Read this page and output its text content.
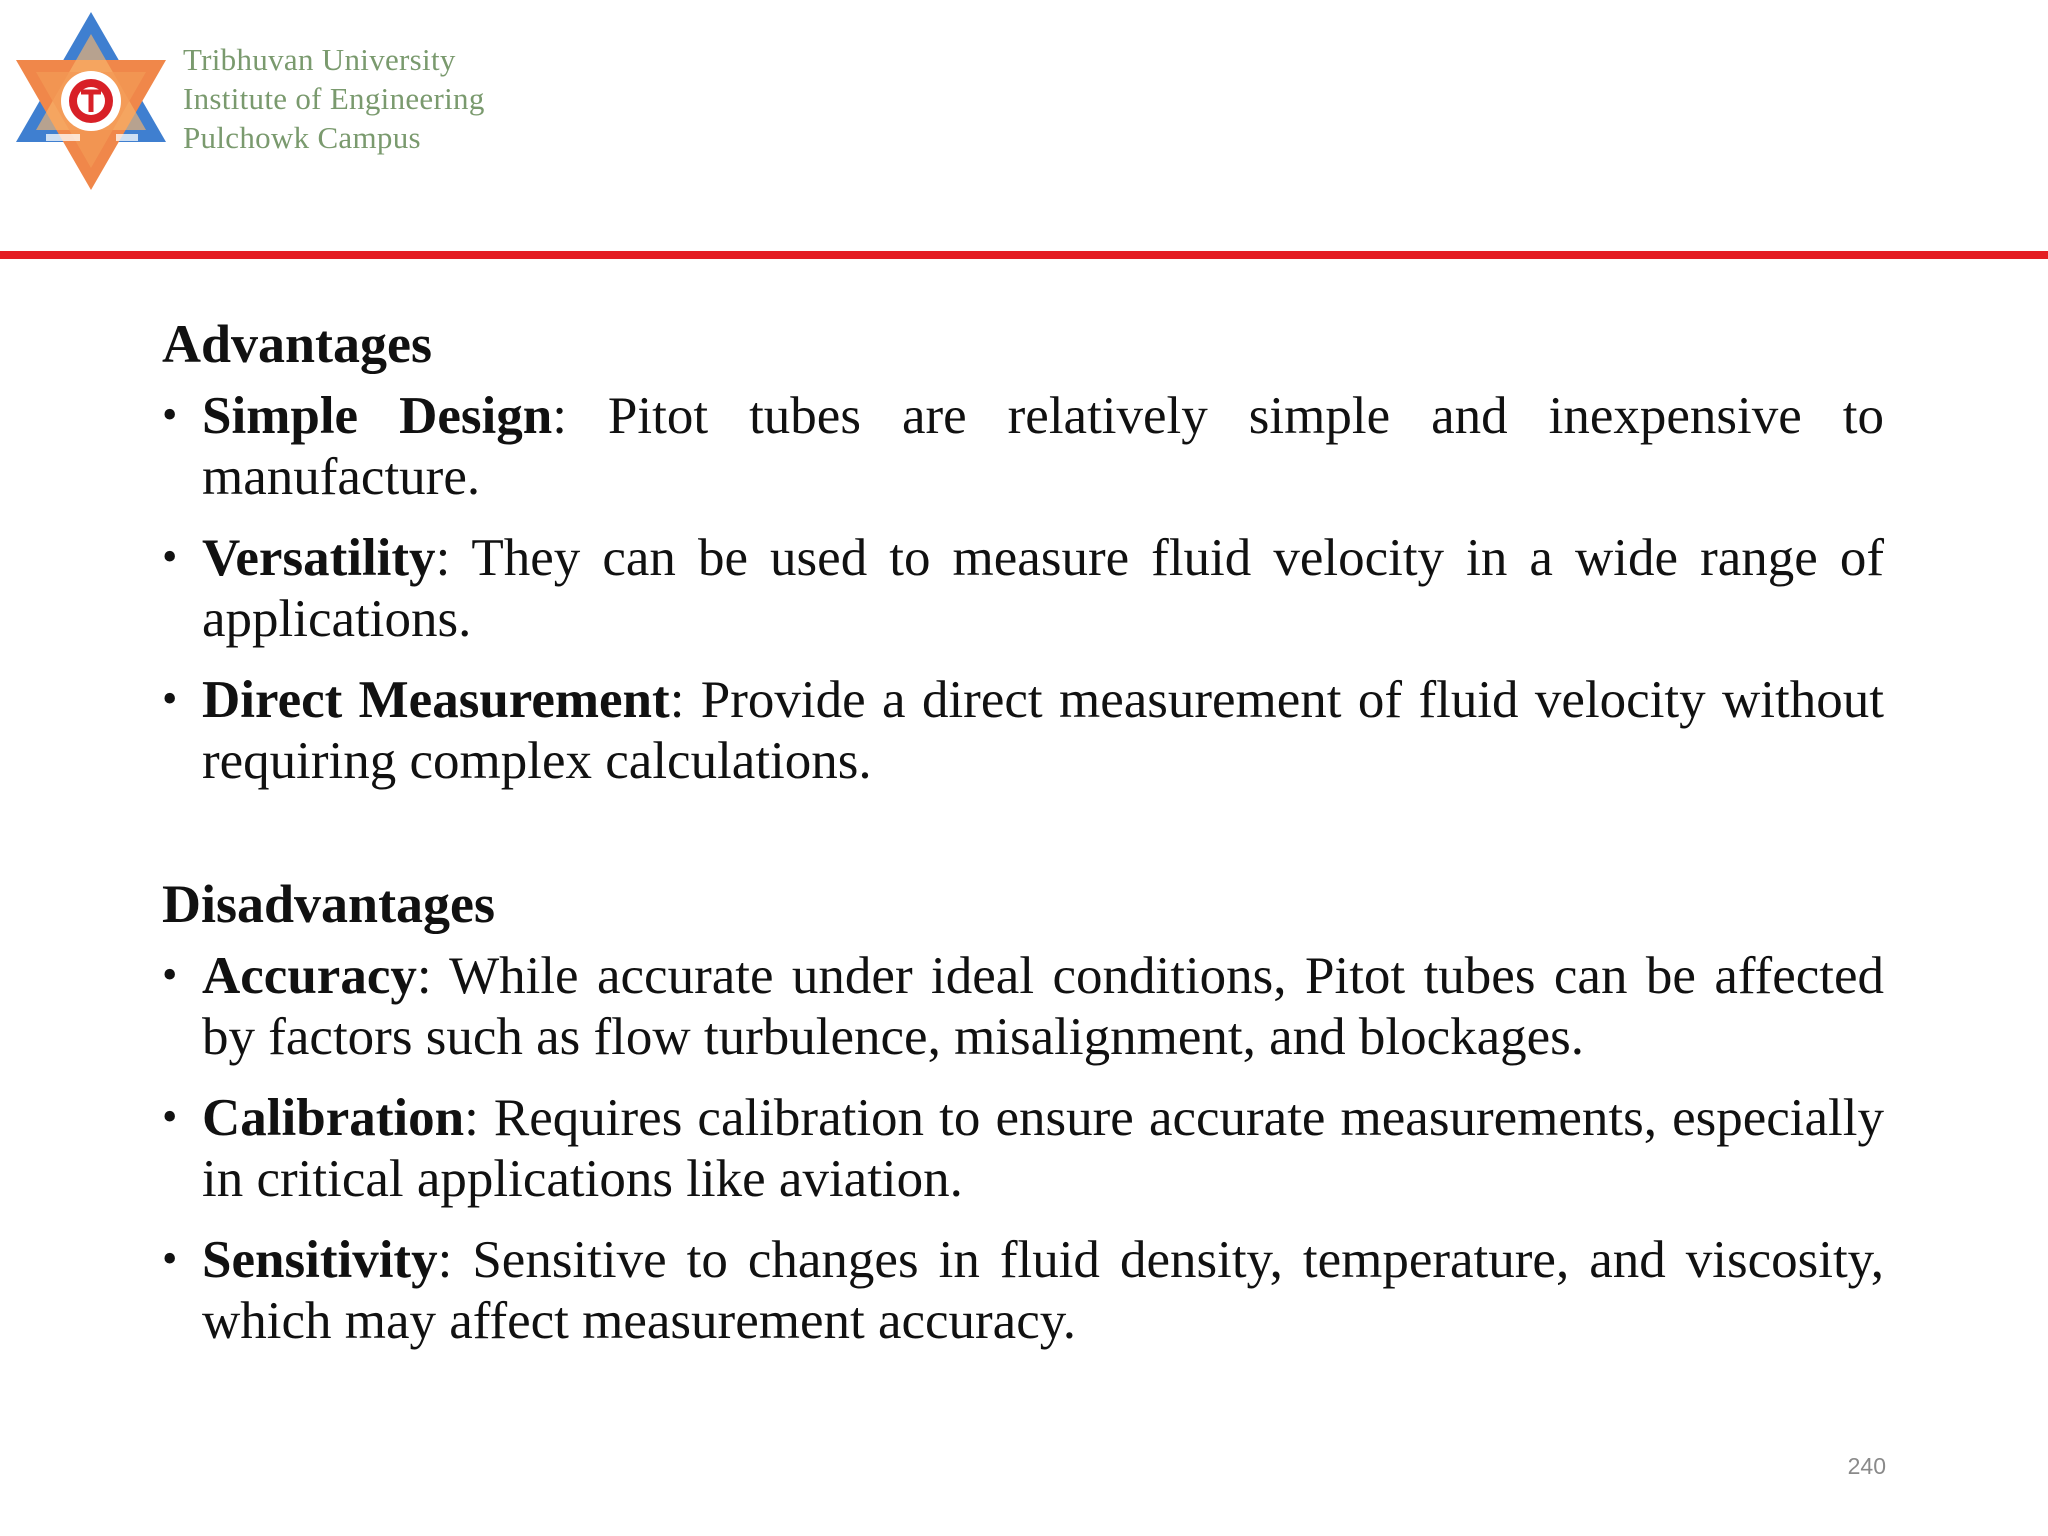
Tribhuvan University
Institute of Engineering
Pulchowk Campus
Advantages
• Simple Design: Pitot tubes are relatively simple and inexpensive to manufacture.
• Versatility: They can be used to measure fluid velocity in a wide range of applications.
• Direct Measurement: Provide a direct measurement of fluid velocity without requiring complex calculations.
Disadvantages
• Accuracy: While accurate under ideal conditions, Pitot tubes can be affected by factors such as flow turbulence, misalignment, and blockages.
• Calibration: Requires calibration to ensure accurate measurements, especially in critical applications like aviation.
• Sensitivity: Sensitive to changes in fluid density, temperature, and viscosity, which may affect measurement accuracy.
240
